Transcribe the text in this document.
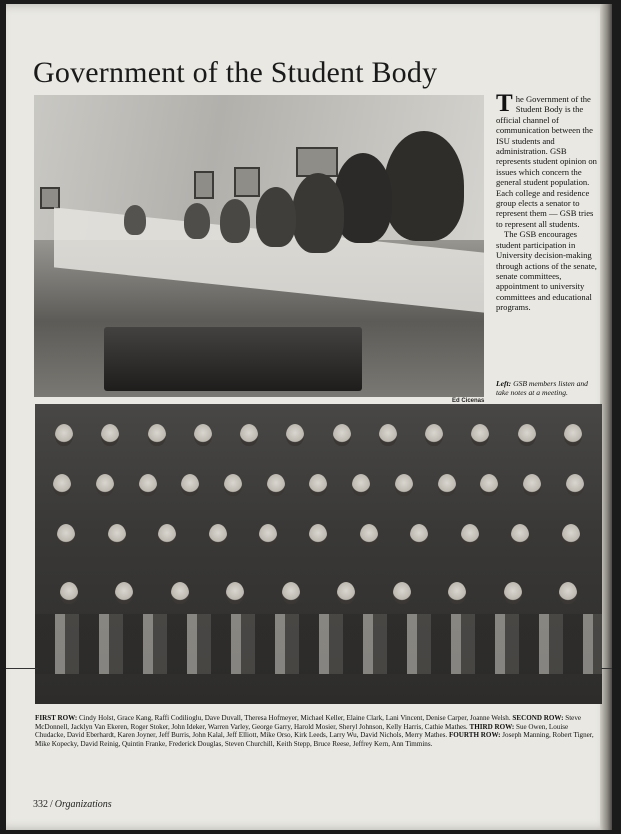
Government of the Student Body
Ed Cicenas

The Government of the Student Body is the official channel of communication between the ISU students and administration. GSB represents student opinion on issues which concern the general student population. Each college and residence group elects a senator to represent them — GSB tries to represent all students.

The GSB encourages student participation in University decision-making through actions of the senate, senate committees, appointment to university committees and educational programs.

Left: GSB members listen and take notes at a meeting.
FIRST ROW: Cindy Holst, Grace Kang, Raffi Codilioglu, Dave Duvall, Theresa Hofmeyer, Michael Keller, Elaine Clark, Lani Vincent, Denise Carper, Joanne Welsh. SECOND ROW: Steve McDonnell, Jacklyn Van Ekeren, Roger Stoker, John Ideker, Warren Varley, George Garry, Harold Mosier, Sheryl Johnson, Kelly Harris, Cathie Mathes. THIRD ROW: Sue Owen, Louise Chudacke, David Eberhardt, Karen Joyner, Jeff Burris, John Kalal, Jeff Elliott, Mike Orso, Kirk Leeds, Larry Wu, David Nichols, Merry Mathes. FOURTH ROW: Joseph Manning, Robert Tigner, Mike Kopecky, David Reinig, Quintin Franke, Frederick Douglas, Steven Churchill, Keith Stepp, Bruce Reese, Jeffrey Kern, Ann Timmins.
332 / Organizations
